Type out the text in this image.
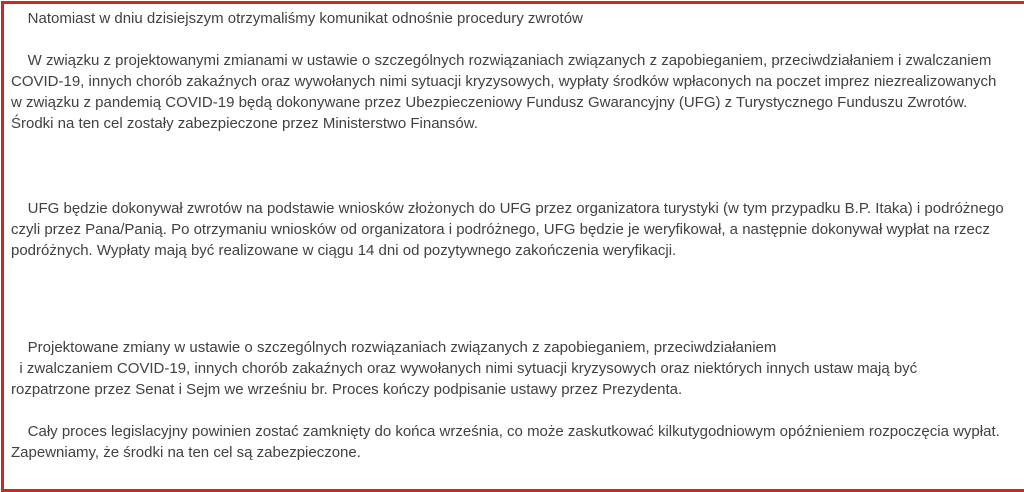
Natomiast w dniu dzisiejszym otrzymaliśmy komunikat odnośnie procedury zwrotów
W związku z projektowanymi zmianami w ustawie o szczególnych rozwiązaniach związanych z zapobieganiem, przeciwdziałaniem i zwalczaniem
COVID-19, innych chorób zakaźnych oraz wywołanych nimi sytuacji kryzysowych, wypłaty środków wpłaconych na poczet imprez niezrealizowanych
w związku z pandemią COVID-19 będą dokonywane przez Ubezpieczeniowy Fundusz Gwarancyjny (UFG) z Turystycznego Funduszu Zwrotów.
Środki na ten cel zostały zabezpieczone przez Ministerstwo Finansów.
UFG będzie dokonywał zwrotów na podstawie wniosków złożonych do UFG przez organizatora turystyki (w tym przypadku B.P. Itaka) i podróżnego
czyli przez Pana/Panią. Po otrzymaniu wniosków od organizatora i podróżnego, UFG będzie je weryfikował, a następnie dokonywał wypłat na rzecz
podróżnych. Wypłaty mają być realizowane w ciągu 14 dni od pozytywnego zakończenia weryfikacji.
Projektowane zmiany w ustawie o szczególnych rozwiązaniach związanych z zapobieganiem, przeciwdziałaniem
i zwalczaniem COVID-19, innych chorób zakaźnych oraz wywołanych nimi sytuacji kryzysowych oraz niektórych innych ustaw mają być
rozpatrzone przez Senat i Sejm we wrześniu br. Proces kończy podpisanie ustawy przez Prezydenta.
Cały proces legislacyjny powinien zostać zamknięty do końca września, co może zaskutkować kilkutygodniowym opóźnieniem rozpoczęcia wypłat.
Zapewniamy, że środki na ten cel są zabezpieczone.
